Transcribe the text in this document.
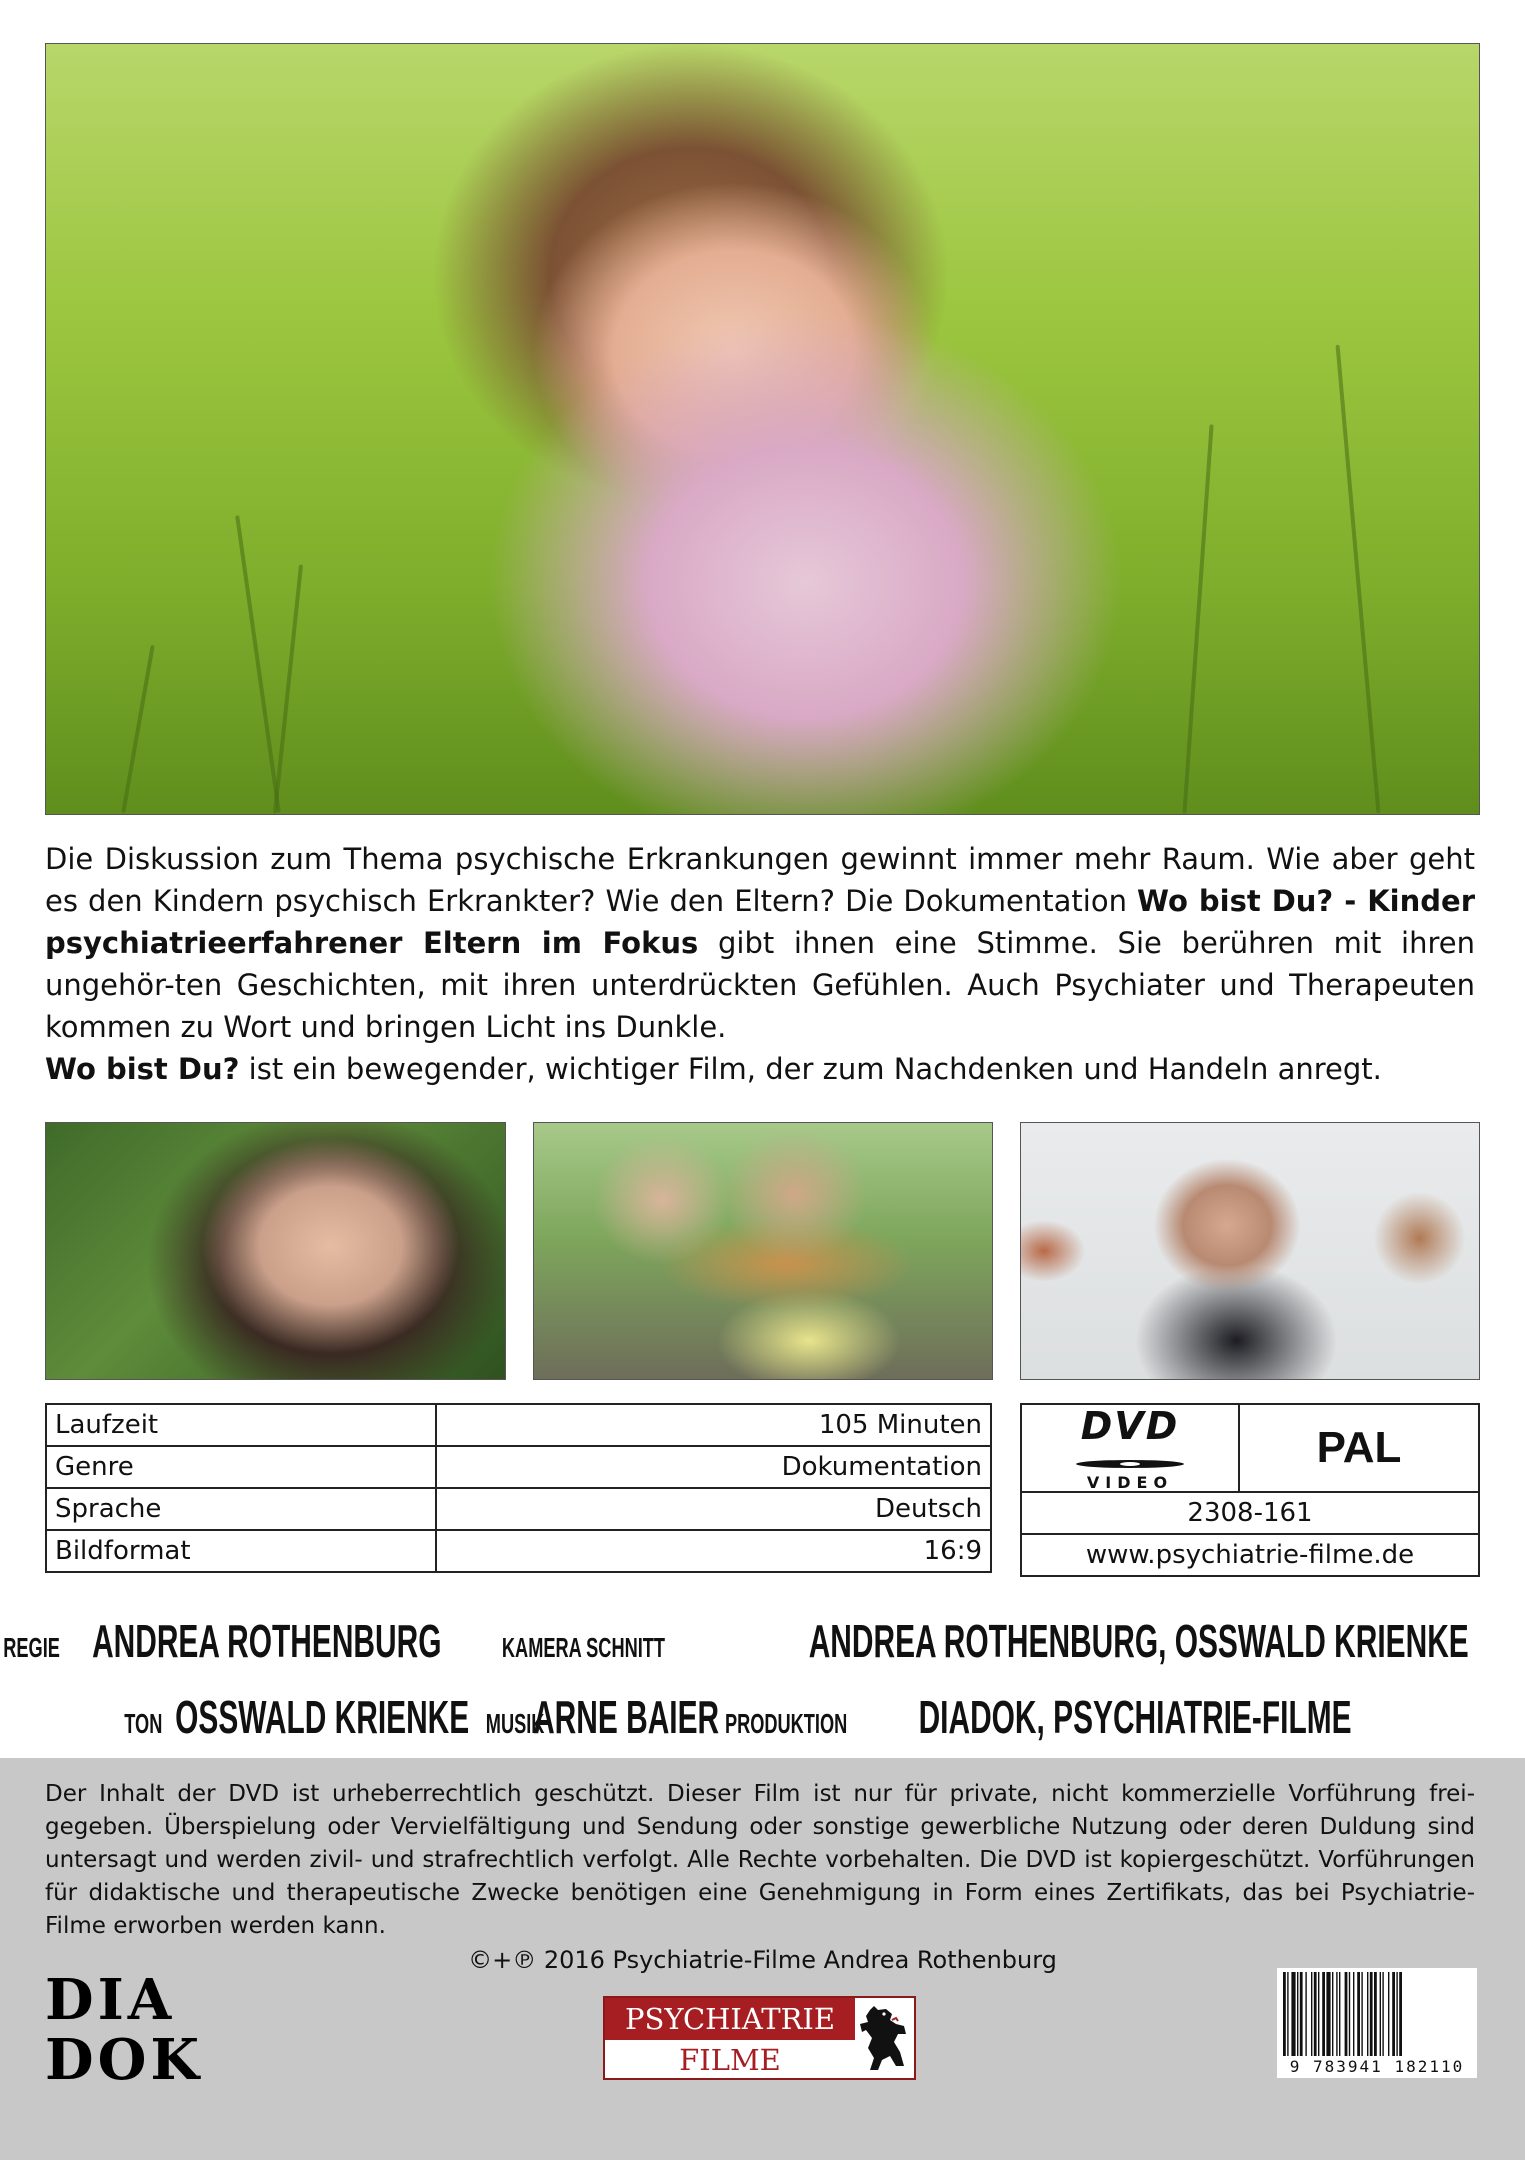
Die Diskussion zum Thema psychische Erkrankungen gewinnt immer mehr Raum. Wie aber geht es den Kindern psychisch Erkrankter? Wie den Eltern? Die Dokumentation Wo bist Du? - Kinder psychiatrieerfahrener Eltern im Fokus gibt ihnen eine Stimme. Sie berühren mit ihren ungehör-ten Geschichten, mit ihren unterdrückten Gefühlen. Auch Psychiater und Therapeuten kommen zu Wort und bringen Licht ins Dunkle.
Wo bist Du? ist ein bewegender, wichtiger Film, der zum Nachdenken und Handeln anregt.

Laufzeit	105 Minuten
Genre	Dokumentation
Sprache	Deutsch
Bildformat	16:9
DVD
VIDEO
	PAL
2308-161
www.psychiatrie-filme.de
REGIE ANDREA ROTHENBURG KAMERA SCHNITT	ANDREA ROTHENBURG, OSSWALD KRIENKE
TON OSSWALD KRIENKE MUSIK ARNE BAIER PRODUKTION DIADOK, PSYCHIATRIE-FILME

Der Inhalt der DVD ist urheberrechtlich geschützt. Dieser Film ist nur für private, nicht kommerzielle Vorführung frei-gegeben. Überspielung oder Vervielfältigung und Sendung oder sonstige gewerbliche Nutzung oder deren Duldung sind untersagt und werden zivil- und strafrechtlich verfolgt. Alle Rechte vorbehalten. Die DVD ist kopiergeschützt. Vorführungen für didaktische und therapeutische Zwecke benötigen eine Genehmigung in Form eines Zertifikats, das bei Psychiatrie-Filme erworben werden kann.

©+℗ 2016 Psychiatrie-Filme Andrea Rothenburg
DIA
DOK
PSYCHIATRIE
FILME	9 783941 182110
